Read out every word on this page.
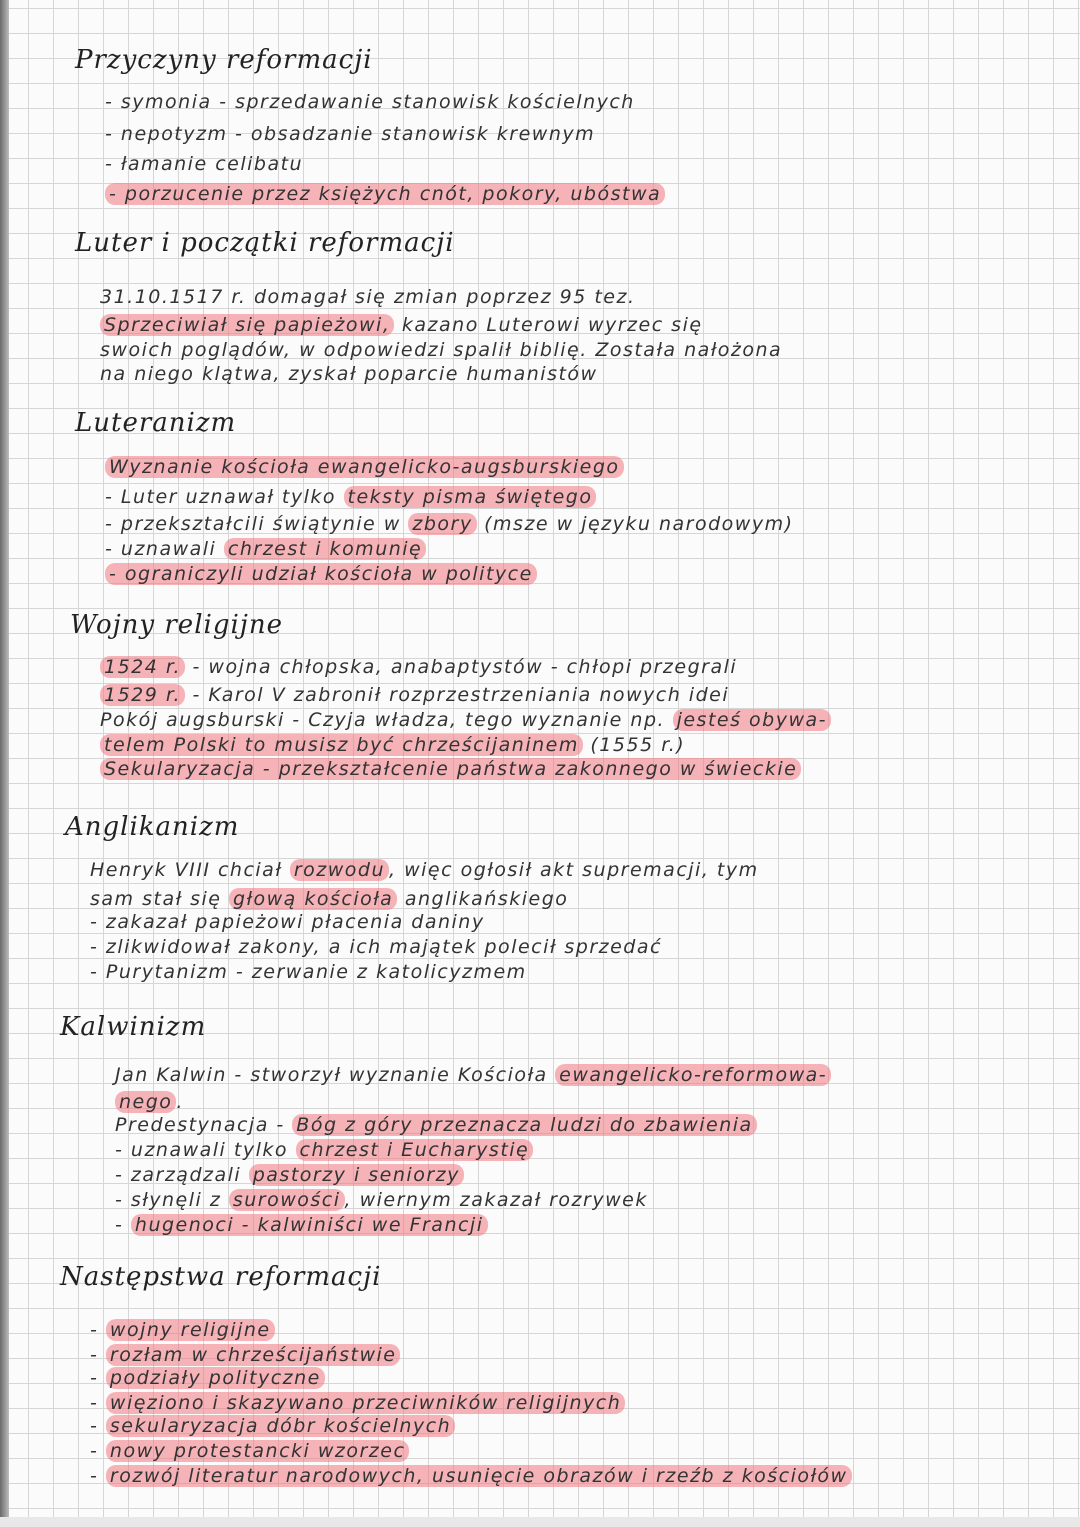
Przyczyny reformacji
- symonia - sprzedawanie stanowisk kościelnych
- nepotyzm - obsadzanie stanowisk krewnym
- łamanie celibatu
- porzucenie przez księżych cnót, pokory, ubóstwa
Luter i początki reformacji
31.10.1517 r. domagał się zmian poprzez 95 tez.
Sprzeciwiał się papieżowi, kazano Luterowi wyrzec się
swoich poglądów, w odpowiedzi spalił biblię. Została nałożona
na niego klątwa, zyskał poparcie humanistów
Luteranizm
Wyznanie kościoła ewangelicko-augsburskiego
- Luter uznawał tylko teksty pisma świętego
- przekształcili świątynie w zbory (msze w języku narodowym)
- uznawali chrzest i komunię
- ograniczyli udział kościoła w polityce
Wojny religijne
1524 r. - wojna chłopska, anabaptystów - chłopi przegrali
1529 r. - Karol V zabronił rozprzestrzeniania nowych idei
Pokój augsburski - Czyja władza, tego wyznanie np. jesteś obywa-
telem Polski to musisz być chrześcijaninem (1555 r.)
Sekularyzacja - przekształcenie państwa zakonnego w świeckie
Anglikanizm
Henryk VIII chciał rozwodu , więc ogłosił akt supremacji, tym
sam stał się głową kościoła anglikańskiego
- zakazał papieżowi płacenia daniny
- zlikwidował zakony, a ich majątek polecił sprzedać
- Purytanizm - zerwanie z katolicyzmem
Kalwinizm
Jan Kalwin - stworzył wyznanie Kościoła ewangelicko-reformowa-
nego .
Predestynacja - Bóg z góry przeznacza ludzi do zbawienia
- uznawali tylko chrzest i Eucharystię
- zarządzali pastorzy i seniorzy
- słynęli z surowości , wiernym zakazał rozrywek
- hugenoci - kalwiniści we Francji
Następstwa reformacji
- wojny religijne
- rozłam w chrześcijaństwie
- podziały polityczne
- więziono i skazywano przeciwników religijnych
- sekularyzacja dóbr kościelnych
- nowy protestancki wzorzec
- rozwój literatur narodowych, usunięcie obrazów i rzeźb z kościołów
